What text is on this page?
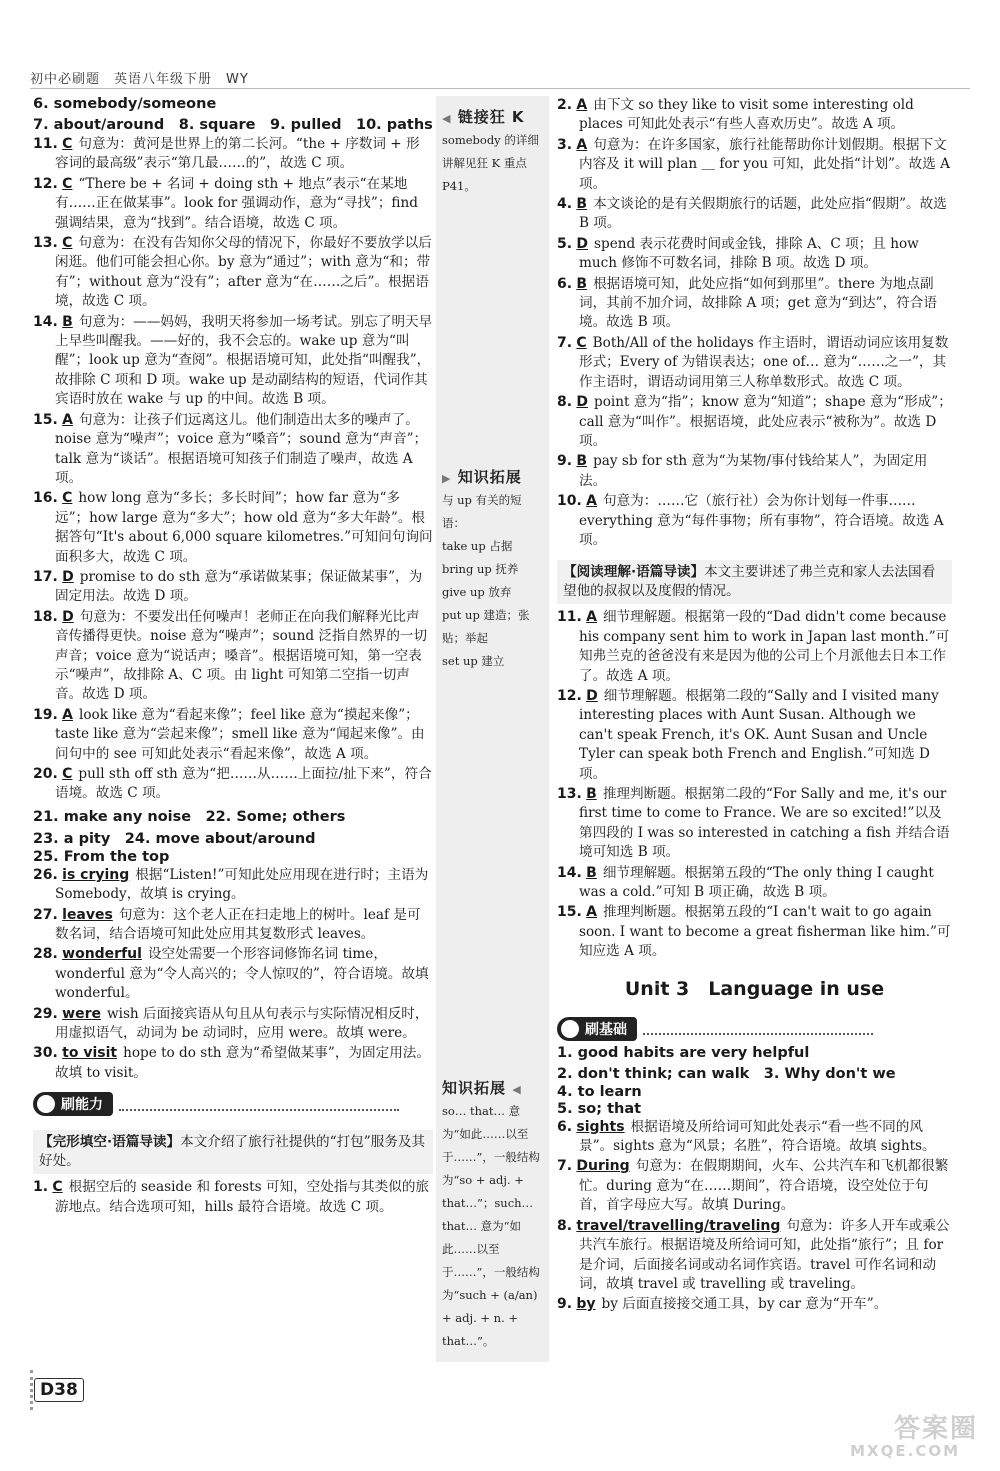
初中必刷题　英语八年级下册　WY
6. somebody/someone
7. about/around　8. square　9. pulled　10. paths
11. C 句意为：黄河是世界上的第二长河。“the + 序数词 + 形容词的最高级”表示“第几最……的”，故选 C 项。
12. C “There be + 名词 + doing sth + 地点”表示“在某地有……正在做某事”。look for 强调动作，意为“寻找”；find 强调结果，意为“找到”。结合语境，故选 C 项。
13. C 句意为：在没有告知你父母的情况下，你最好不要放学以后闲逛。他们可能会担心你。by 意为“通过”；with 意为“和；带有”；without 意为“没有”；after 意为“在……之后”。根据语境，故选 C 项。
14. B 句意为：——妈妈，我明天将参加一场考试。别忘了明天早上早些叫醒我。——好的，我不会忘的。wake up 意为“叫醒”；look up 意为“查阅”。根据语境可知，此处指“叫醒我”，故排除 C 项和 D 项。wake up 是动副结构的短语，代词作其宾语时放在 wake 与 up 的中间。故选 B 项。
15. A 句意为：让孩子们远离这儿。他们制造出太多的噪声了。noise 意为“噪声”；voice 意为“嗓音”；sound 意为“声音”；talk 意为“谈话”。根据语境可知孩子们制造了噪声，故选 A 项。
16. C how long 意为“多长；多长时间”；how far 意为“多远”；how large 意为“多大”；how old 意为“多大年龄”。根据答句“It's about 6,000 square kilometres.”可知问句询问面积多大，故选 C 项。
17. D promise to do sth 意为“承诺做某事；保证做某事”，为固定用法。故选 D 项。
18. D 句意为：不要发出任何噪声！老师正在向我们解释光比声音传播得更快。noise 意为“噪声”；sound 泛指自然界的一切声音；voice 意为“说话声；嗓音”。根据语境可知，第一空表示“噪声”，故排除 A、C 项。由 light 可知第二空指一切声音。故选 D 项。
19. A look like 意为“看起来像”；feel like 意为“摸起来像”；taste like 意为“尝起来像”；smell like 意为“闻起来像”。由问句中的 see 可知此处表示“看起来像”，故选 A 项。
20. C pull sth off sth 意为“把……从……上面拉/扯下来”，符合语境。故选 C 项。
21. make any noise　22. Some; others
23. a pity　24. move about/around
25. From the top
26. is crying 根据“Listen!”可知此处应用现在进行时；主语为 Somebody，故填 is crying。
27. leaves 句意为：这个老人正在扫走地上的树叶。leaf 是可数名词，结合语境可知此处应用其复数形式 leaves。
28. wonderful 设空处需要一个形容词修饰名词 time，wonderful 意为“令人高兴的；令人惊叹的”，符合语境。故填 wonderful。
29. were wish 后面接宾语从句且从句表示与实际情况相反时，用虚拟语气，动词为 be 动词时，应用 were。故填 were。
30. to visit hope to do sth 意为“希望做某事”，为固定用法。故填 to visit。
刷能力
【完形填空·语篇导读】本文介绍了旅行社提供的“打包”服务及其好处。
1. C 根据空后的 seaside 和 forests 可知，空处指与其类似的旅游地点。结合选项可知，hills 最符合语境。故选 C 项。
◀ 链接狂 K

somebody 的详细讲解见狂 K 重点 P41。

▶ 知识拓展

与 up 有关的短语：

take up 占据
bring up 抚养
give up 放弃
put up 建造；张贴；举起
set up 建立
知识拓展 ◀

so… that… 意为“如此……以至于……”，一般结构为“so + adj. + that…”；such… that… 意为“如此……以至于……”，一般结构为“such + (a/an) + adj. + n. + that…”。

2. A 由下文 so they like to visit some interesting old places 可知此处表示“有些人喜欢历史”。故选 A 项。
3. A 句意为：在许多国家，旅行社能帮助你计划假期。根据下文内容及 it will plan ＿ for you 可知，此处指“计划”。故选 A 项。
4. B 本文谈论的是有关假期旅行的话题，此处应指“假期”。故选 B 项。
5. D spend 表示花费时间或金钱，排除 A、C 项；且 how much 修饰不可数名词，排除 B 项。故选 D 项。
6. B 根据语境可知，此处应指“如何到那里”。there 为地点副词，其前不加介词，故排除 A 项；get 意为“到达”，符合语境。故选 B 项。
7. C Both/All of the holidays 作主语时，谓语动词应该用复数形式；Every of 为错误表达；one of… 意为“……之一”，其作主语时，谓语动词用第三人称单数形式。故选 C 项。
8. D point 意为“指”；know 意为“知道”；shape 意为“形成”；call 意为“叫作”。根据语境，此处应表示“被称为”。故选 D 项。
9. B pay sb for sth 意为“为某物/事付钱给某人”，为固定用法。
10. A 句意为：……它（旅行社）会为你计划每一件事…… everything 意为“每件事物；所有事物”，符合语境。故选 A 项。
【阅读理解·语篇导读】本文主要讲述了弗兰克和家人去法国看望他的叔叔以及度假的情况。
11. A 细节理解题。根据第一段的“Dad didn't come because his company sent him to work in Japan last month.”可知弗兰克的爸爸没有来是因为他的公司上个月派他去日本工作了。故选 A 项。
12. D 细节理解题。根据第二段的“Sally and I visited many interesting places with Aunt Susan. Although we can't speak French, it's OK. Aunt Susan and Uncle Tyler can speak both French and English.”可知选 D 项。
13. B 推理判断题。根据第二段的“For Sally and me, it's our first time to come to France. We are so excited!”以及第四段的 I was so interested in catching a fish 并结合语境可知选 B 项。
14. B 细节理解题。根据第五段的“The only thing I caught was a cold.”可知 B 项正确，故选 B 项。
15. A 推理判断题。根据第五段的“I can't wait to go again soon. I want to become a great fisherman like him.”可知应选 A 项。
Unit 3　Language in use
刷基础
1. good habits are very helpful
2. don't think; can walk　3. Why don't we
4. to learn
5. so; that
6. sights 根据语境及所给词可知此处表示“看一些不同的风景”。sights 意为“风景；名胜”，符合语境。故填 sights。
7. During 句意为：在假期期间，火车、公共汽车和飞机都很繁忙。during 意为“在……期间”，符合语境，设空处位于句首，首字母应大写。故填 During。
8. travel/travelling/traveling 句意为：许多人开车或乘公共汽车旅行。根据语境及所给词可知，此处指“旅行”；且 for 是介词，后面接名词或动名词作宾语。travel 可作名词和动词，故填 travel 或 travelling 或 traveling。
9. by by 后面直接接交通工具，by car 意为“开车”。
D38
答案圈
MXQE.COM
